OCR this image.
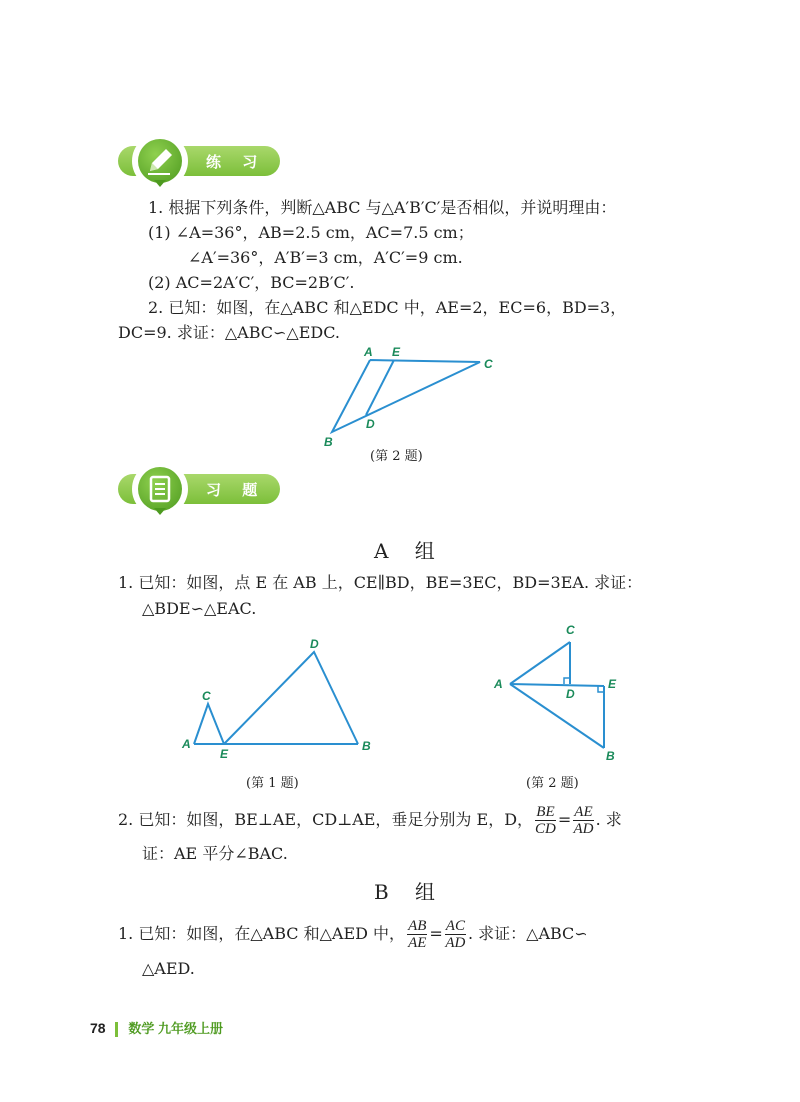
练 习
1. 根据下列条件，判断△ABC 与△A′B′C′是否相似，并说明理由：
(1) ∠A=36°，AB=2.5 cm，AC=7.5 cm；
∠A′=36°，A′B′=3 cm，A′C′=9 cm.
(2) AC=2A′C′，BC=2B′C′.
2. 已知：如图，在△ABC 和△EDC 中，AE=2，EC=6，BD=3，
DC=9. 求证：△ABC∽△EDC.
A E
C
D
B
(第 2 题)
习 题
A 组
1. 已知：如图，点 E 在 AB 上，CE∥BD，BE=3EC，BD=3EA. 求证：
△BDE∽△EAC.
C
D
A
E
B
(第 1 题)
C
A
D
E
B
(第 2 题)
2. 已知：如图，BE⊥AE，CD⊥AE，垂足分别为 E，D， $\frac{BE}{CD} = \frac{AE}{AD}$ . 求
证：AE 平分∠BAC.
B 组
1. 已知：如图，在△ABC 和△AED 中， $\frac{AB}{AE} = \frac{AC}{AD}$ . 求证：△ABC∽
△AED.
78 数学 九年级上册
